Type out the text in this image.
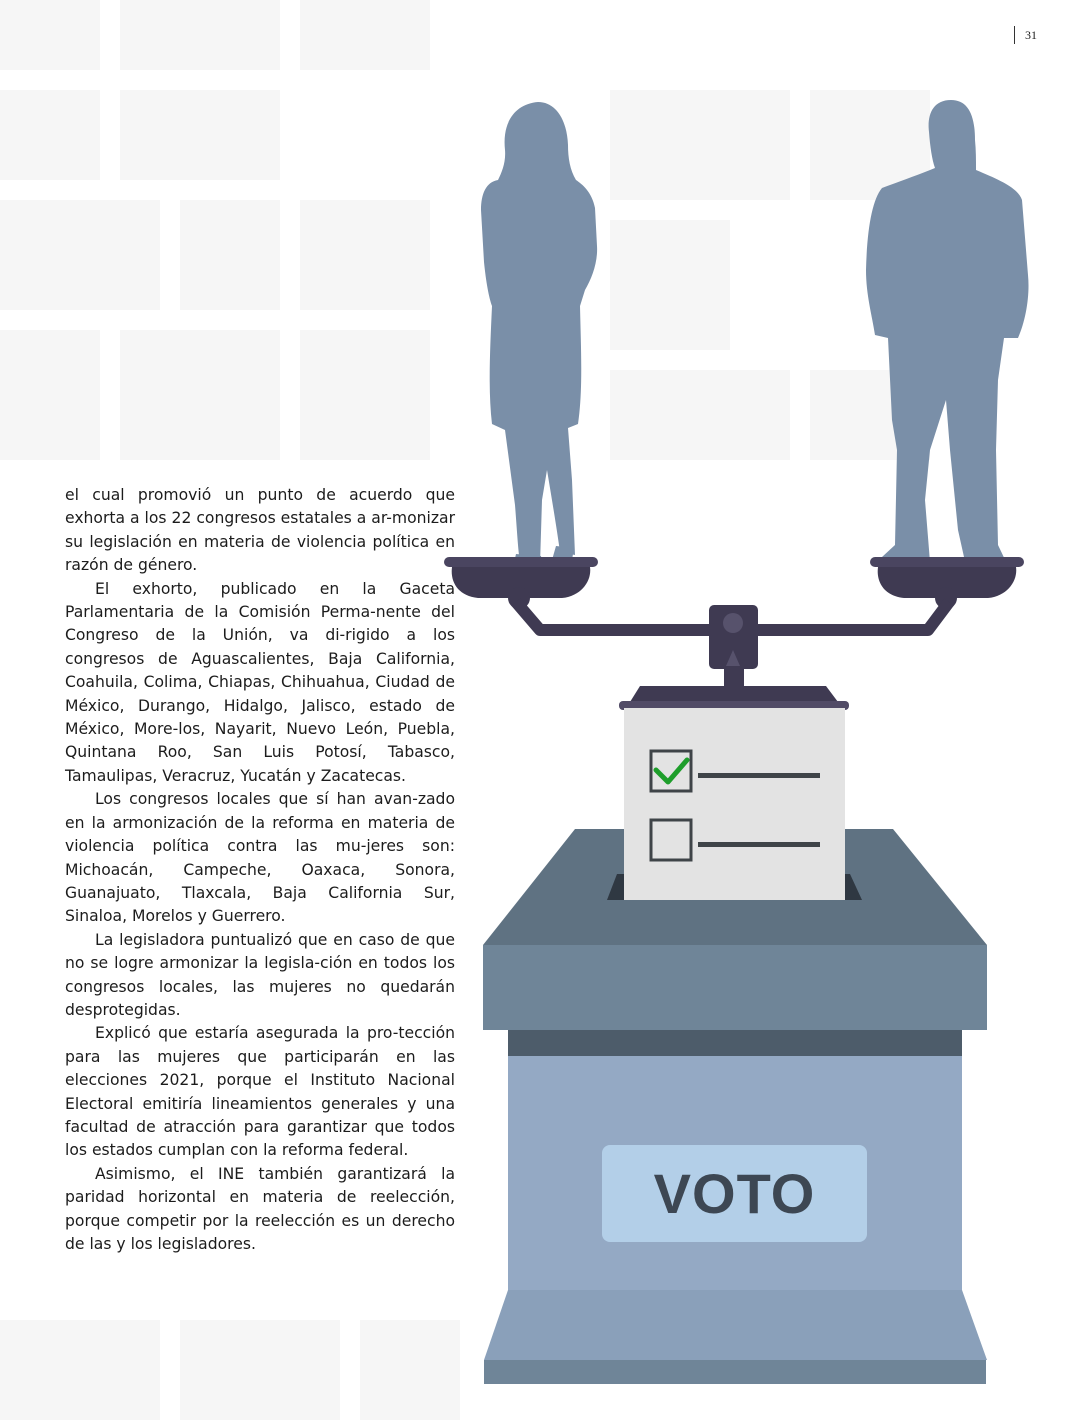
31

el cual promovió un punto de acuerdo que exhorta a los 22 congresos estatales a ar-monizar su legislación en materia de violencia política en razón de género.

El exhorto, publicado en la Gaceta Parlamentaria de la Comisión Perma-nente del Congreso de la Unión, va di-rigido a los congresos de Aguascalientes, Baja California, Coahuila, Colima, Chiapas, Chihuahua, Ciudad de México, Durango, Hidalgo, Jalisco, estado de México, More-los, Nayarit, Nuevo León, Puebla, Quintana Roo, San Luis Potosí, Tabasco, Tamaulipas, Veracruz, Yucatán y Zacatecas.

Los congresos locales que sí han avan-zado en la armonización de la reforma en materia de violencia política contra las mu-jeres son: Michoacán, Campeche, Oaxaca, Sonora, Guanajuato, Tlaxcala, Baja California Sur, Sinaloa, Morelos y Guerrero.

La legisladora puntualizó que en caso de que no se logre armonizar la legisla-ción en todos los congresos locales, las mujeres no quedarán desprotegidas.

Explicó que estaría asegurada la pro-tección para las mujeres que participarán en las elecciones 2021, porque el Instituto Nacional Electoral emitiría lineamientos generales y una facultad de atracción para garantizar que todos los estados cumplan con la reforma federal.

Asimismo, el INE también garantizará la paridad horizontal en materia de reelección, porque competir por la reelección es un derecho de las y los legisladores.

VOTO
